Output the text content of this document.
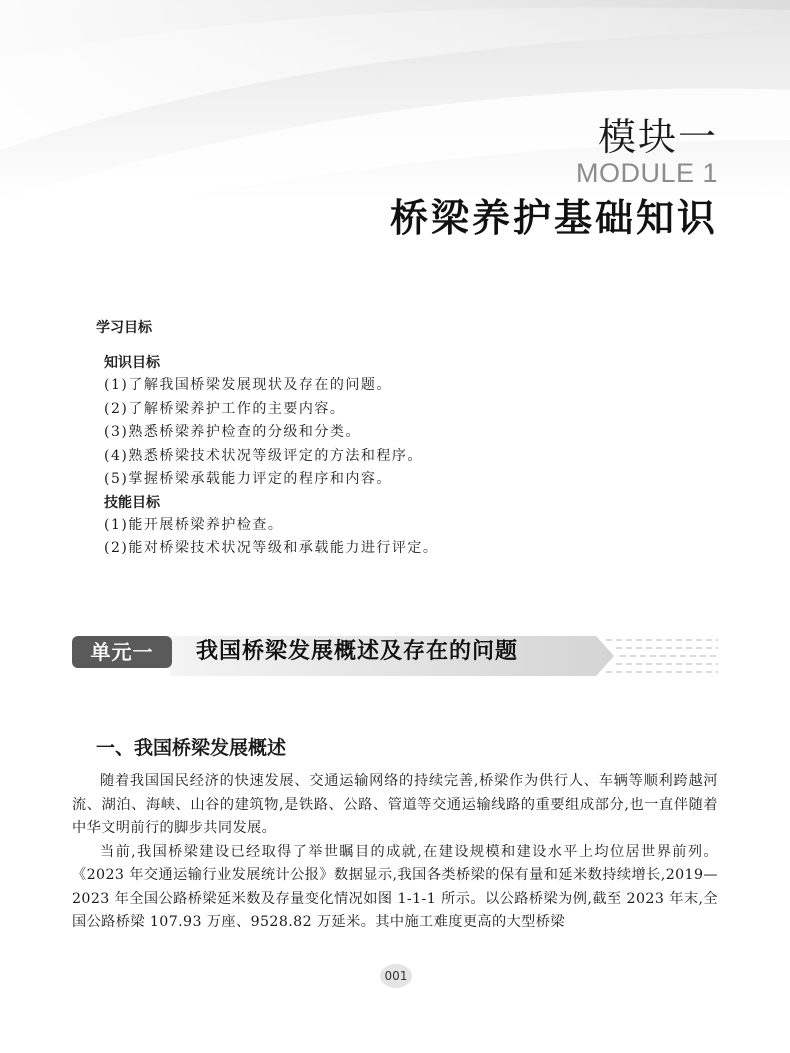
模块一
MODULE 1
桥梁养护基础知识
学习目标
知识目标
(1)了解我国桥梁发展现状及存在的问题。
(2)了解桥梁养护工作的主要内容。
(3)熟悉桥梁养护检查的分级和分类。
(4)熟悉桥梁技术状况等级评定的方法和程序。
(5)掌握桥梁承载能力评定的程序和内容。
技能目标
(1)能开展桥梁养护检查。
(2)能对桥梁技术状况等级和承载能力进行评定。
单元一	我国桥梁发展概述及存在的问题
一、我国桥梁发展概述

随着我国国民经济的快速发展、交通运输网络的持续完善,桥梁作为供行人、车辆等顺利跨越河流、湖泊、海峡、山谷的建筑物,是铁路、公路、管道等交通运输线路的重要组成部分,也一直伴随着中华文明前行的脚步共同发展。

当前,我国桥梁建设已经取得了举世瞩目的成就,在建设规模和建设水平上均位居世界前列。《2023 年交通运输行业发展统计公报》数据显示,我国各类桥梁的保有量和延米数持续增长,2019—2023 年全国公路桥梁延米数及存量变化情况如图 1-1-1 所示。以公路桥梁为例,截至 2023 年末,全国公路桥梁 107.93 万座、9528.82 万延米。其中施工难度更高的大型桥梁

001
